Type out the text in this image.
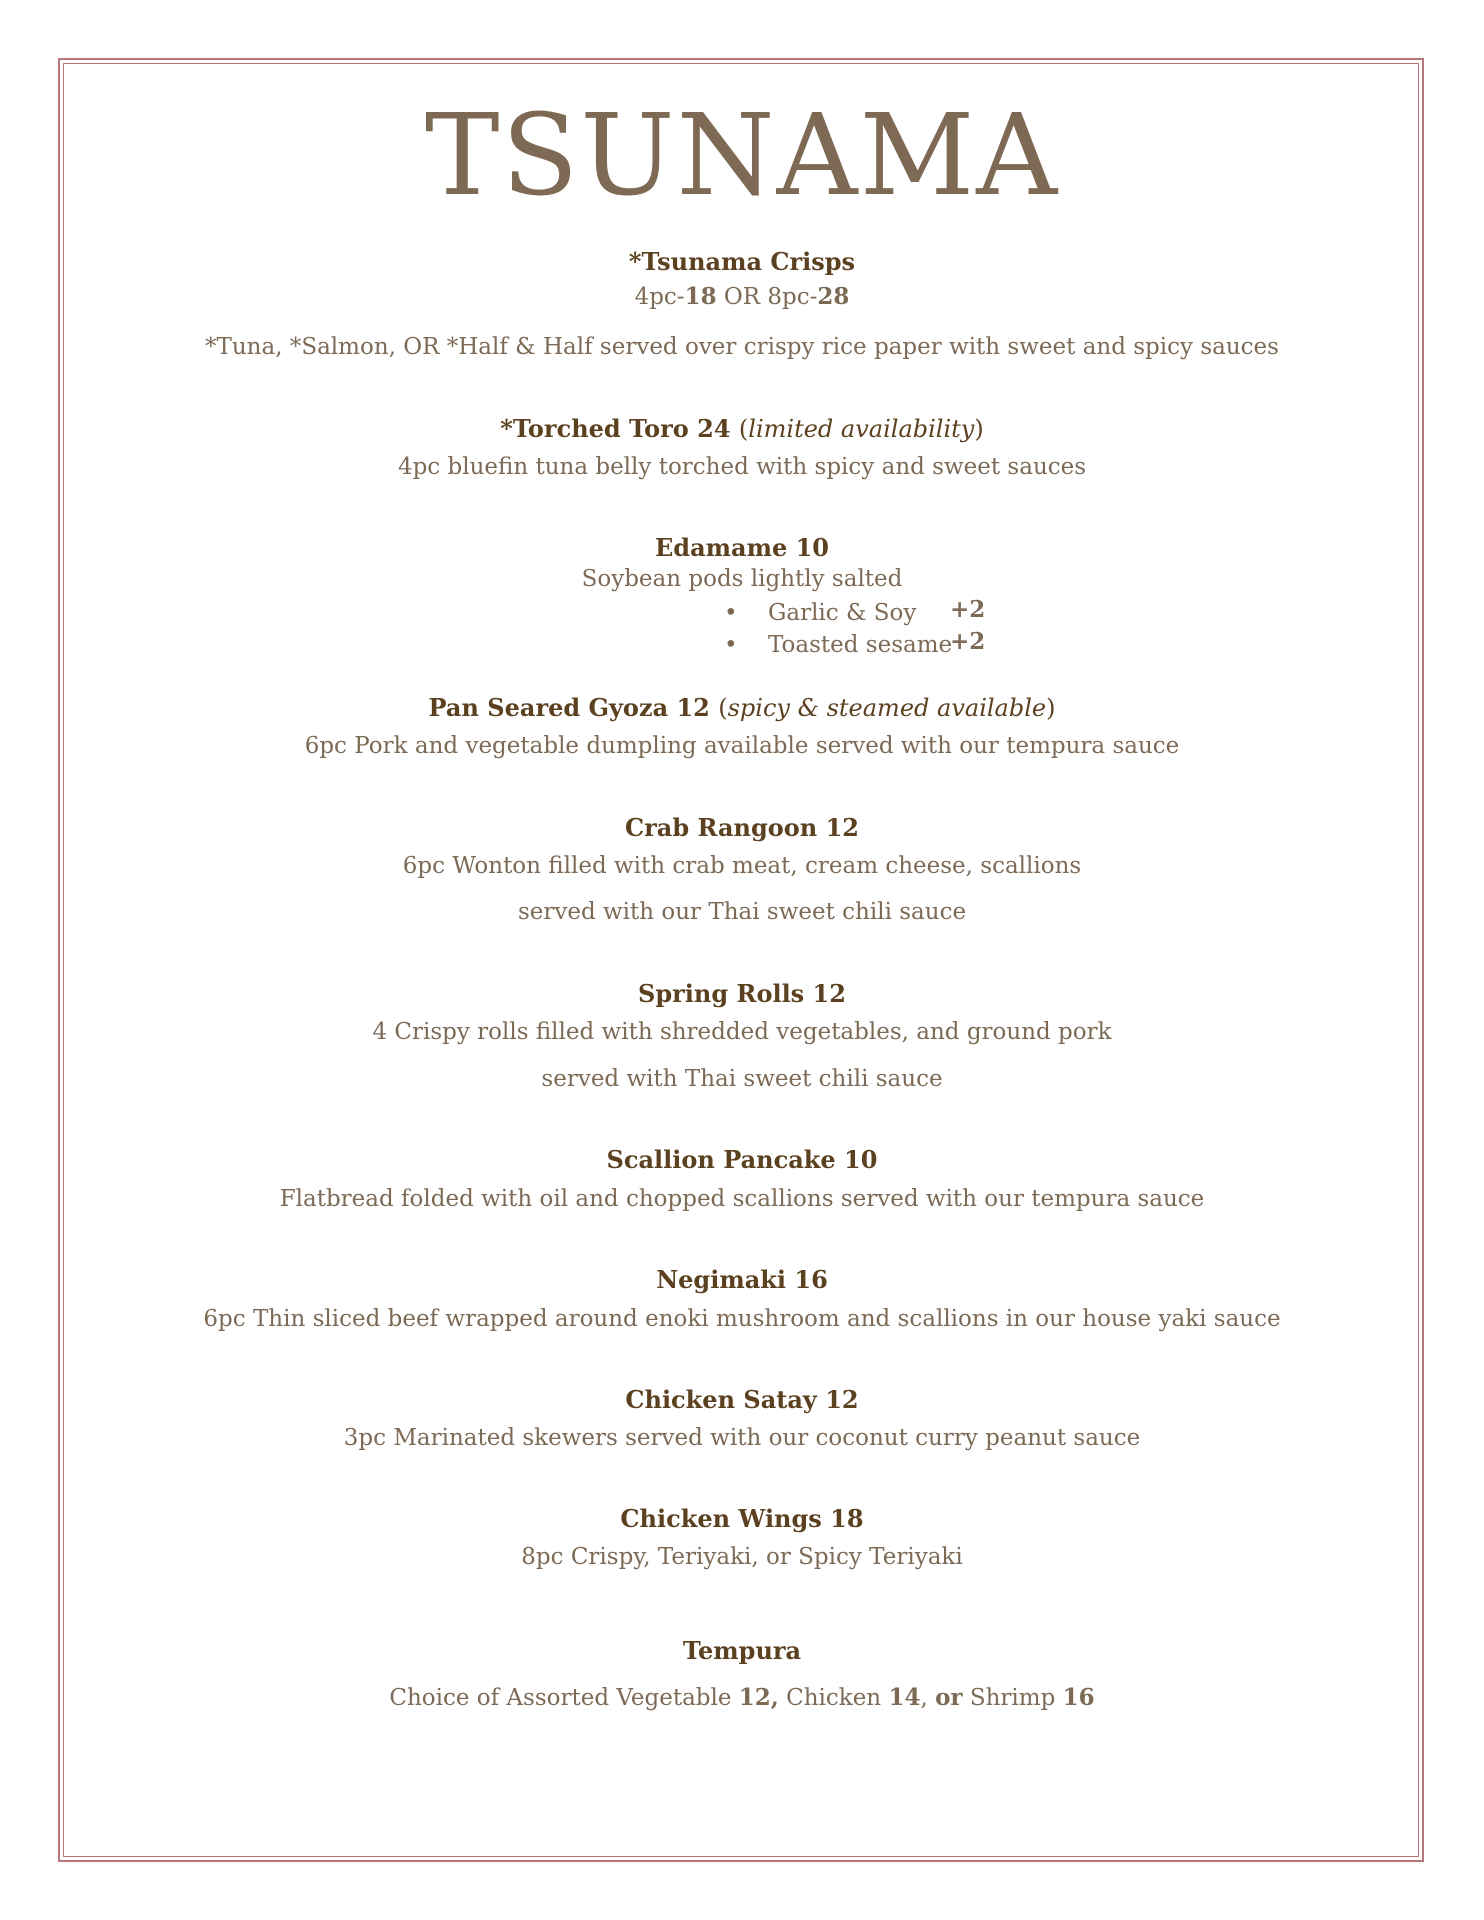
TSUNAMA
*Tsunama Crisps
4pc-18 OR 8pc-28
*Tuna, *Salmon, OR *Half & Half served over crispy rice paper with sweet and spicy sauces
*Torched Toro 24 (limited availability)
4pc bluefin tuna belly torched with spicy and sweet sauces
Edamame 10
Soybean pods lightly salted
• Garlic & Soy +2
• Toasted sesame
+2
Pan Seared Gyoza 12 (spicy & steamed available)
6pc Pork and vegetable dumpling available served with our tempura sauce
Crab Rangoon 12
6pc Wonton filled with crab meat, cream cheese, scallions
served with our Thai sweet chili sauce
Spring Rolls 12
4 Crispy rolls filled with shredded vegetables, and ground pork
served with Thai sweet chili sauce
Scallion Pancake 10
Flatbread folded with oil and chopped scallions served with our tempura sauce
Negimaki 16
6pc Thin sliced beef wrapped around enoki mushroom and scallions in our house yaki sauce
Chicken Satay 12
3pc Marinated skewers served with our coconut curry peanut sauce
Chicken Wings 18
8pc Crispy, Teriyaki, or Spicy Teriyaki
Tempura
Choice of Assorted Vegetable 12, Chicken 14, or Shrimp 16
